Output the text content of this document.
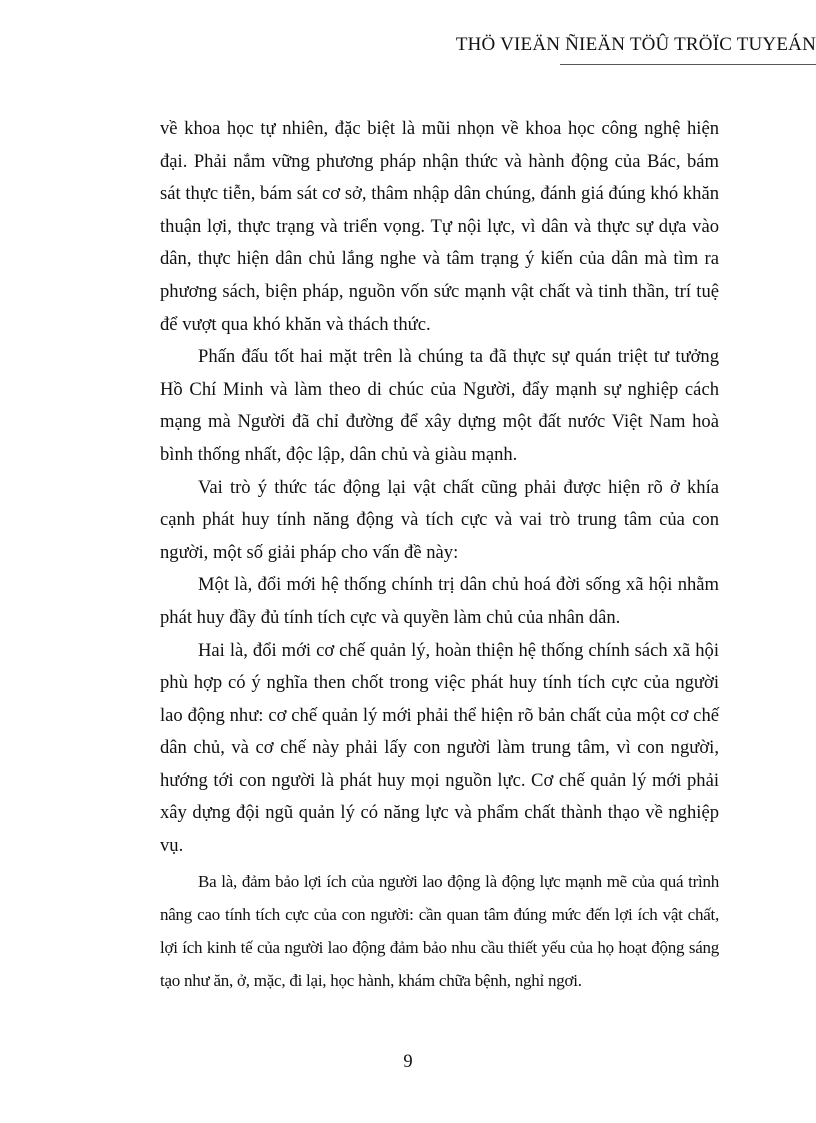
THÖ VIEÄN ÑIEÄN TÖÛ TRÖÏC TUYEÁN

về khoa học tự nhiên, đặc biệt là mũi nhọn về khoa học công nghệ hiện đại. Phải nắm vững phương pháp nhận thức và hành động của Bác, bám sát thực tiễn, bám sát cơ sở, thâm nhập dân chúng, đánh giá đúng khó khăn thuận lợi, thực trạng và triển vọng. Tự nội lực, vì dân và thực sự dựa vào dân, thực hiện dân chủ lắng nghe và tâm trạng ý kiến của dân mà tìm ra phương sách, biện pháp, nguồn vốn sức mạnh vật chất và tinh thần, trí tuệ để vượt qua khó khăn và thách thức.

Phấn đấu tốt hai mặt trên là chúng ta đã thực sự quán triệt tư tưởng Hồ Chí Minh và làm theo di chúc của Người, đẩy mạnh sự nghiệp cách mạng mà Người đã chỉ đường để xây dựng một đất nước Việt Nam hoà bình thống nhất, độc lập, dân chủ và giàu mạnh.

Vai trò ý thức tác động lại vật chất cũng phải được hiện rõ ở khía cạnh phát huy tính năng động và tích cực và vai trò trung tâm của con người, một số giải pháp cho vấn đề này:

Một là, đổi mới hệ thống chính trị dân chủ hoá đời sống xã hội nhằm phát huy đầy đủ tính tích cực và quyền làm chủ của nhân dân.

Hai là, đổi mới cơ chế quản lý, hoàn thiện hệ thống chính sách xã hội phù hợp có ý nghĩa then chốt trong việc phát huy tính tích cực của người lao động như: cơ chế quản lý mới phải thể hiện rõ bản chất của một cơ chế dân chủ, và cơ chế này phải lấy con người làm trung tâm, vì con người, hướng tới con người là phát huy mọi nguồn lực. Cơ chế quản lý mới phải xây dựng đội ngũ quản lý có năng lực và phẩm chất thành thạo về nghiệp vụ.

Ba là, đảm bảo lợi ích của người lao động là động lực mạnh mẽ của quá trình nâng cao tính tích cực của con người: cần quan tâm đúng mức đến lợi ích vật chất, lợi ích kinh tế của người lao động đảm bảo nhu cầu thiết yếu của họ hoạt động sáng tạo như ăn, ở, mặc, đi lại, học hành, khám chữa bệnh, nghỉ ngơi.

9
